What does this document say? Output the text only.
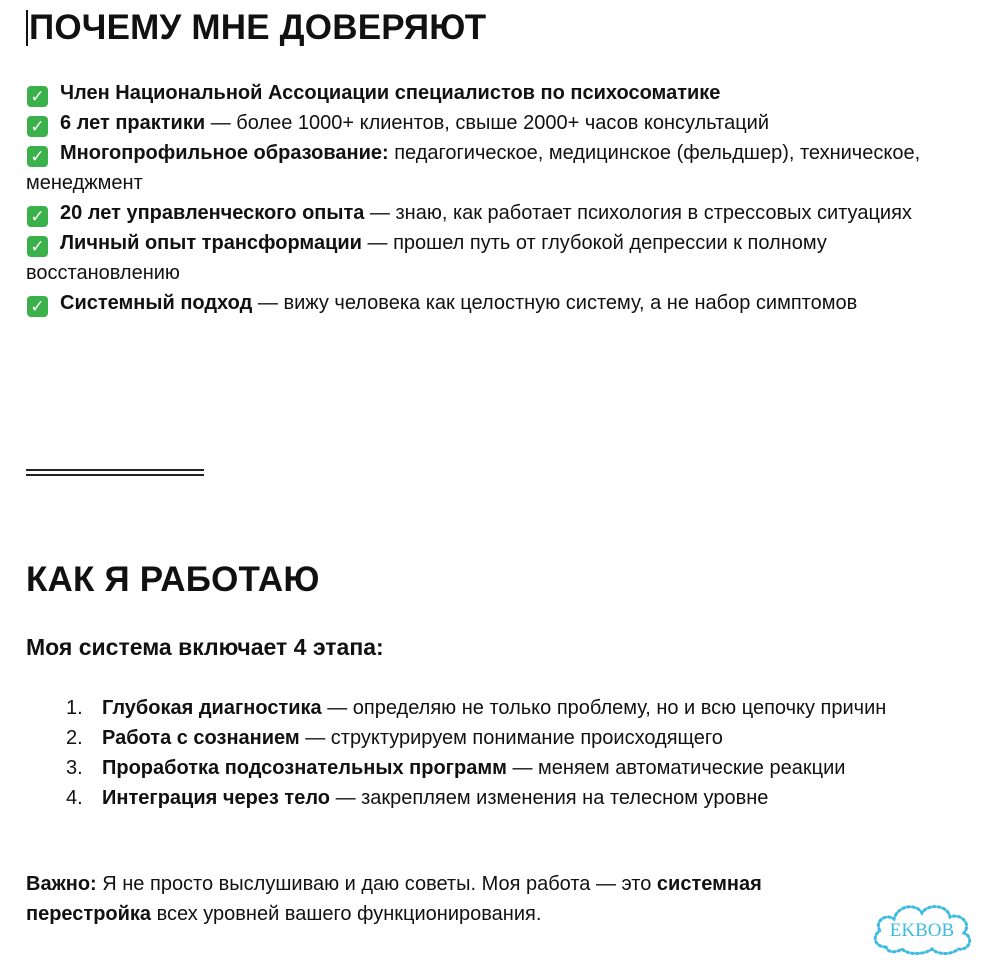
ПОЧЕМУ МНЕ ДОВЕРЯЮТ
✓ Член Национальной Ассоциации специалистов по психосоматике
✓ 6 лет практики — более 1000+ клиентов, свыше 2000+ часов консультаций
✓ Многопрофильное образование: педагогическое, медицинское (фельдшер), техническое, менеджмент
✓ 20 лет управленческого опыта — знаю, как работает психология в стрессовых ситуациях
✓ Личный опыт трансформации — прошел путь от глубокой депрессии к полному восстановлению
✓ Системный подход — вижу человека как целостную систему, а не набор симптомов
КАК Я РАБОТАЮ
Моя система включает 4 этапа:
1. Глубокая диагностика — определяю не только проблему, но и всю цепочку причин
2. Работа с сознанием — структурируем понимание происходящего
3. Проработка подсознательных программ — меняем автоматические реакции
4. Интеграция через тело — закрепляем изменения на телесном уровне

Важно: Я не просто выслушиваю и даю советы. Моя работа — это системная перестройка всех уровней вашего функционирования.

EKBOB
